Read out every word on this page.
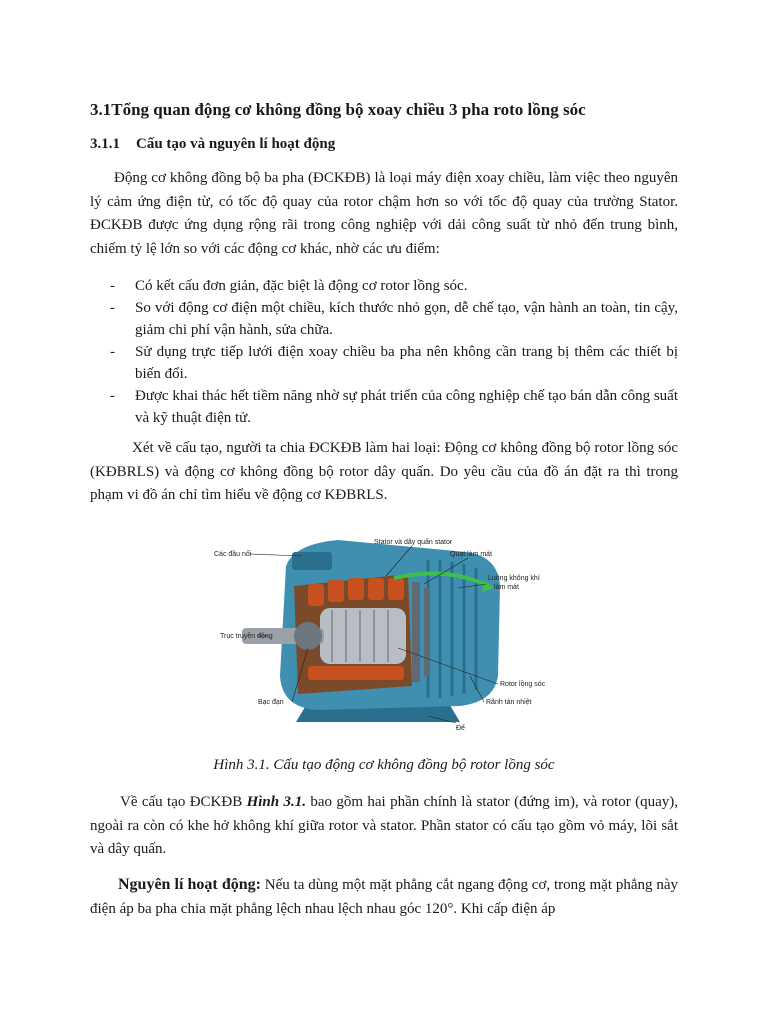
3.1Tổng quan động cơ không đồng bộ xoay chiều 3 pha roto lồng sóc
3.1.1 Cấu tạo và nguyên lí hoạt động
Động cơ không đồng bộ ba pha (ĐCKĐB) là loại máy điện xoay chiều, làm việc theo nguyên lý cảm ứng điện từ, có tốc độ quay của rotor chậm hơn so với tốc độ quay của trường Stator. ĐCKĐB được ứng dụng rộng rãi trong công nghiệp với dải công suất từ nhỏ đến trung bình, chiếm tỷ lệ lớn so với các động cơ khác, nhờ các ưu điểm:
- Có kết cấu đơn giản, đặc biệt là động cơ rotor lồng sóc.
- So với động cơ điện một chiều, kích thước nhỏ gọn, dễ chế tạo, vận hành an toàn, tin cậy, giảm chi phí vận hành, sửa chữa.
- Sử dụng trực tiếp lưới điện xoay chiều ba pha nên không cần trang bị thêm các thiết bị biến đổi.
- Được khai thác hết tiềm năng nhờ sự phát triển của công nghiệp chế tạo bán dẫn công suất và kỹ thuật điện tử.
Xét về cấu tạo, người ta chia ĐCKĐB làm hai loại: Động cơ không đồng bộ rotor lồng sóc (KĐBRLS) và động cơ không đồng bộ rotor dây quấn. Do yêu cầu của đồ án đặt ra thì trong phạm vi đồ án chỉ tìm hiểu về động cơ KĐBRLS.
Các đầu nối
Stator và dây quấn stator
Quạt làm mát
Luồng không khí
làm mát
Trục truyền động
Rotor lồng sóc
Bạc đạn	Rãnh tản nhiệt
Đế
Hình 3.1. Cấu tạo động cơ không đồng bộ rotor lồng sóc
Về cấu tạo ĐCKĐB Hình 3.1. bao gồm hai phần chính là stator (đứng im), và rotor (quay), ngoài ra còn có khe hở không khí giữa rotor và stator. Phần stator có cấu tạo gồm vỏ máy, lõi sắt và dây quấn.
Nguyên lí hoạt động: Nếu ta dùng một mặt phẳng cắt ngang động cơ, trong mặt phẳng này điện áp ba pha chia mặt phẳng lệch nhau lệch nhau góc 120°. Khi cấp điện áp
